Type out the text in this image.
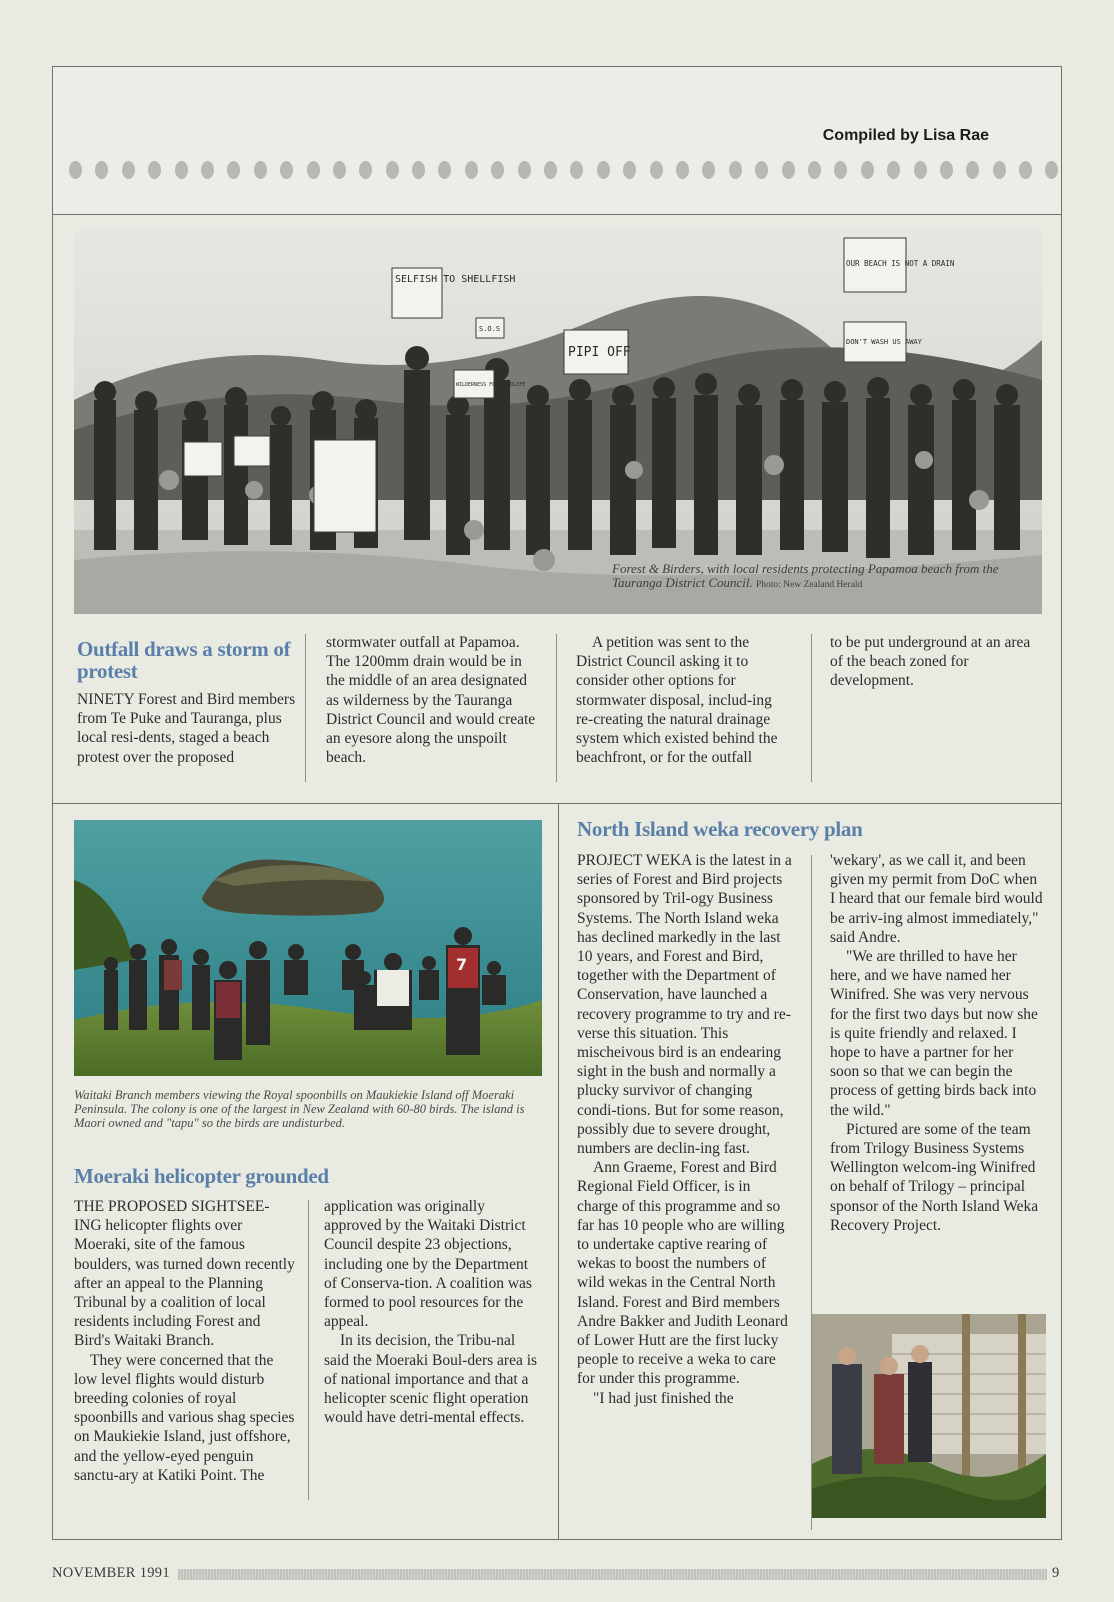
Compiled by Lisa Rae
SELFISH TO SHELLFISH
PIPI OFF
OUR BEACH IS NOT A DRAIN
DON'T WASH US AWAY
WILDERNESS FOR WILDLIFE
S.O.S
Forest & Birders, with local residents protecting Papamoa beach from the Tauranga District Council. Photo: New Zealand Herald
Outfall draws a storm of protest

NINETY Forest and Bird members from Te Puke and Tauranga, plus local resi-dents, staged a beach protest over the proposed

stormwater outfall at Papamoa. The 1200mm drain would be in the middle of an area designated as wilderness by the Tauranga District Council and would create an eyesore along the unspoilt beach.

A petition was sent to the District Council asking it to consider other options for stormwater disposal, includ-ing re-creating the natural drainage system which existed behind the beachfront, or for the outfall

to be put underground at an area of the beach zoned for development.

7
Waitaki Branch members viewing the Royal spoonbills on Maukiekie Island off Moeraki Peninsula. The colony is one of the largest in New Zealand with 60-80 birds. The island is Maori owned and "tapu" so the birds are undisturbed.
Moeraki helicopter grounded

THE PROPOSED SIGHTSEE-ING helicopter flights over Moeraki, site of the famous boulders, was turned down recently after an appeal to the Planning Tribunal by a coalition of local residents including Forest and Bird's Waitaki Branch.

They were concerned that the low level flights would disturb breeding colonies of royal spoonbills and various shag species on Maukiekie Island, just offshore, and the yellow-eyed penguin sanctu-ary at Katiki Point. The

application was originally approved by the Waitaki District Council despite 23 objections, including one by the Department of Conserva-tion. A coalition was formed to pool resources for the appeal.

In its decision, the Tribu-nal said the Moeraki Boul-ders area is of national importance and that a helicopter scenic flight operation would have detri-mental effects.

North Island weka recovery plan

PROJECT WEKA is the latest in a series of Forest and Bird projects sponsored by Tril-ogy Business Systems. The North Island weka has declined markedly in the last 10 years, and Forest and Bird, together with the Department of Conservation, have launched a recovery programme to try and re-verse this situation. This mischeivous bird is an endearing sight in the bush and normally a plucky survivor of changing condi-tions. But for some reason, possibly due to severe drought, numbers are declin-ing fast.

Ann Graeme, Forest and Bird Regional Field Officer, is in charge of this programme and so far has 10 people who are willing to undertake captive rearing of wekas to boost the numbers of wild wekas in the Central North Island. Forest and Bird members Andre Bakker and Judith Leonard of Lower Hutt are the first lucky people to receive a weka to care for under this programme.

"I had just finished the

'wekary', as we call it, and been given my permit from DoC when I heard that our female bird would be arriv-ing almost immediately," said Andre.

"We are thrilled to have her here, and we have named her Winifred. She was very nervous for the first two days but now she is quite friendly and relaxed. I hope to have a partner for her soon so that we can begin the process of getting birds back into the wild."

Pictured are some of the team from Trilogy Business Systems Wellington welcom-ing Winifred on behalf of Trilogy – principal sponsor of the North Island Weka Recovery Project.

NOVEMBER 1991	9
